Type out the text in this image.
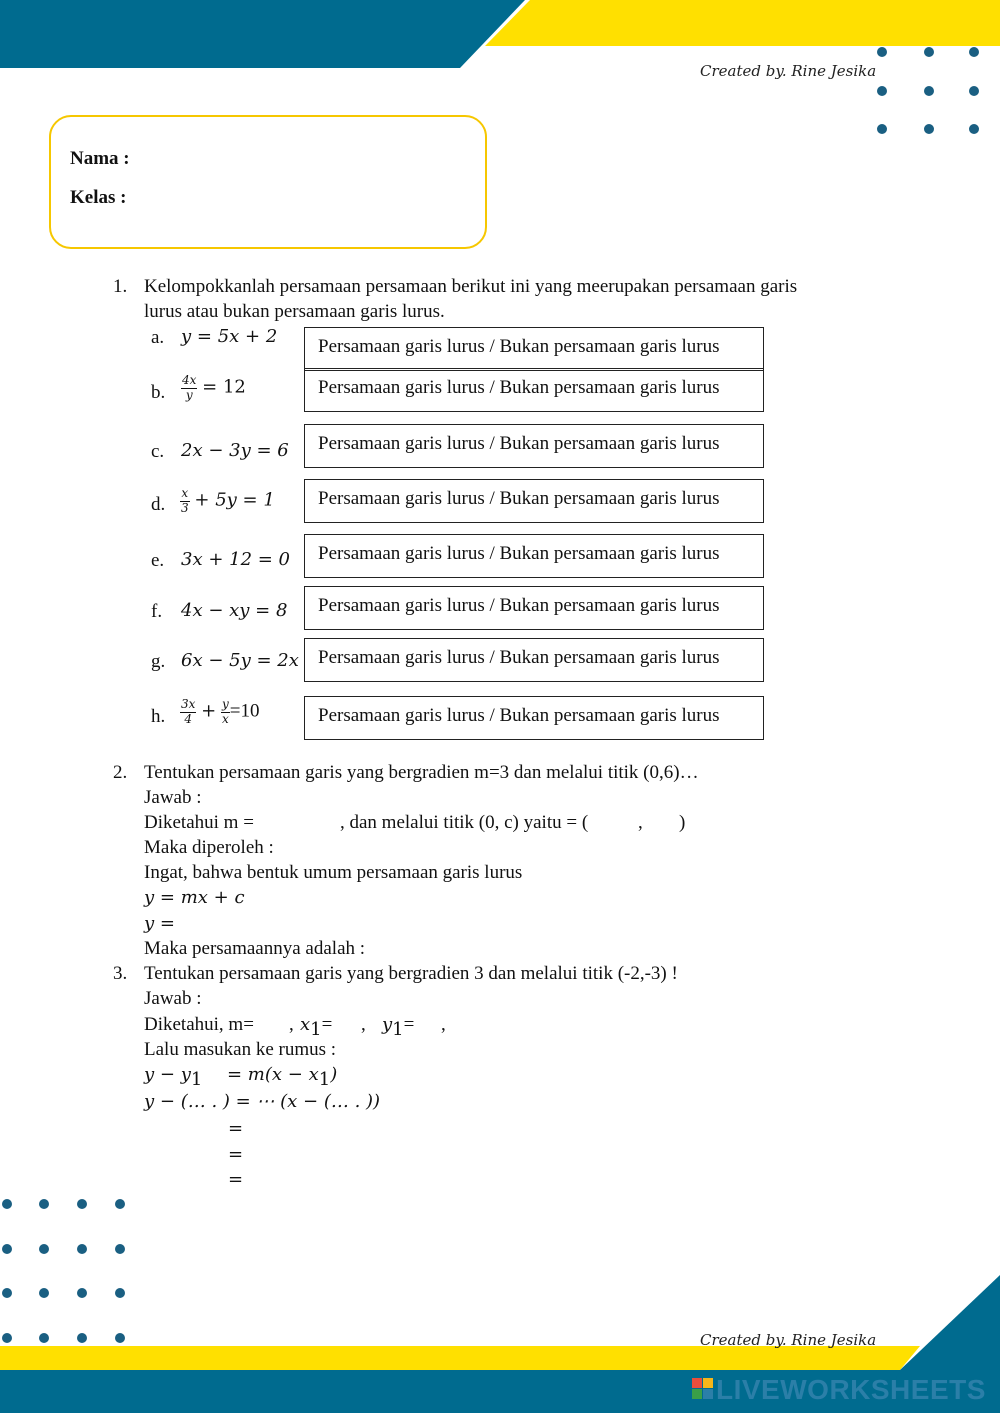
Created by. Rine Jesika
Created by. Rine Jesika
Nama :
Kelas :
1. Kelompokkanlah persamaan persamaan berikut ini yang meerupakan persamaan garis
lurus atau bukan persamaan garis lurus.
a. y = 5x + 2	Persamaan garis lurus / Bukan persamaan garis lurus
b. $\frac{4x}{y} = 12$	Persamaan garis lurus / Bukan persamaan garis lurus
c. 2x − 3y = 6	Persamaan garis lurus / Bukan persamaan garis lurus
d. $\frac{x}{3} + 5y = 1$	Persamaan garis lurus / Bukan persamaan garis lurus
e. 3x + 12 = 0	Persamaan garis lurus / Bukan persamaan garis lurus
f. 4x − xy = 8	Persamaan garis lurus / Bukan persamaan garis lurus
g. 6x − 5y = 2x	Persamaan garis lurus / Bukan persamaan garis lurus
h. $\frac{3x}{4} + \frac{y}{x} =10$	Persamaan garis lurus / Bukan persamaan garis lurus
2. Tentukan persamaan garis yang bergradien m=3 dan melalui titik (0,6)…
Jawab :
Diketahui m =	, dan melalui titik (0, c) yaitu = (	, )
Maka diperoleh :
Ingat, bahwa bentuk umum persamaan garis lurus
y = mx + c
y =
Maka persamaannya adalah :
3. Tentukan persamaan garis yang bergradien 3 dan melalui titik (-2,-3) !
Jawab :
Diketahui, m= , $x_1=$ , $y_1=$ ,
Lalu masukan ke rumus :
$y - y_1 = m(x - x_1)$
y − (… . ) = ⋯ (x − (… . ))
=
=
=
LIVEWORKSHEETS
